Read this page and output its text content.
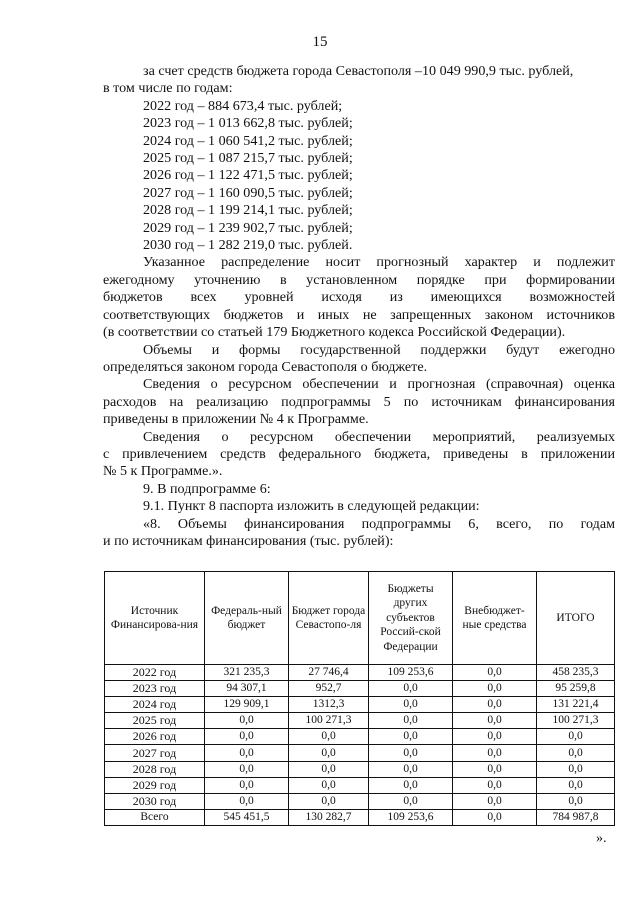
15

за счет средств бюджета города Севастополя –10 049 990,9 тыс. рублей,

в том числе по годам:

2022 год – 884 673,4 тыс. рублей;

2023 год – 1 013 662,8 тыс. рублей;

2024 год – 1 060 541,2 тыс. рублей;

2025 год – 1 087 215,7 тыс. рублей;

2026 год – 1 122 471,5 тыс. рублей;

2027 год – 1 160 090,5 тыс. рублей;

2028 год – 1 199 214,1 тыс. рублей;

2029 год – 1 239 902,7 тыс. рублей;

2030 год – 1 282 219,0 тыс. рублей.

Указанное распределение носит прогнозный характер и подлежит

ежегодному уточнению в установленном порядке при формировании

бюджетов всех уровней исходя из имеющихся возможностей

соответствующих бюджетов и иных не запрещенных законом источников

(в соответствии со статьей 179 Бюджетного кодекса Российской Федерации).

Объемы и формы государственной поддержки будут ежегодно

определяться законом города Севастополя о бюджете.

Сведения о ресурсном обеспечении и прогнозная (справочная) оценка

расходов на реализацию подпрограммы 5 по источникам финансирования

приведены в приложении № 4 к Программе.

Сведения о ресурсном обеспечении мероприятий, реализуемых

с привлечением средств федерального бюджета, приведены в приложении

№ 5 к Программе.».

9. В подпрограмме 6:

9.1. Пункт 8 паспорта изложить в следующей редакции:

«8. Объемы финансирования подпрограммы 6, всего, по годам

и по источникам финансирования (тыс. рублей):

Источник Финансирова-ния	Федераль-ный бюджет	Бюджет города Севастопо-ля	Бюджеты других субъектов Россий-ской Федерации	Внебюджет-ные средства	ИТОГО
2022 год	321 235,3	27 746,4	109 253,6	0,0	458 235,3
2023 год	94 307,1	952,7	0,0	0,0	95 259,8
2024 год	129 909,1	1312,3	0,0	0,0	131 221,4
2025 год	0,0	100 271,3	0,0	0,0	100 271,3
2026 год	0,0	0,0	0,0	0,0	0,0
2027 год	0,0	0,0	0,0	0,0	0,0
2028 год	0,0	0,0	0,0	0,0	0,0
2029 год	0,0	0,0	0,0	0,0	0,0
2030 год	0,0	0,0	0,0	0,0	0,0
Всего	545 451,5	130 282,7	109 253,6	0,0	784 987,8
».
